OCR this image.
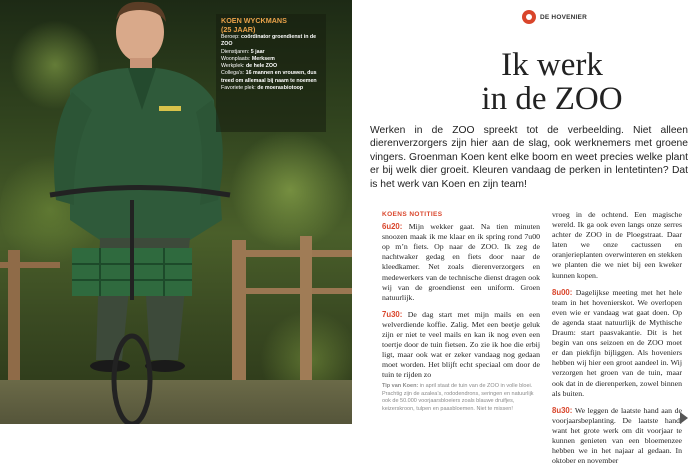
KOEN WYCKMANS
(25 JAAR)
Beroep: coördinator groendienst in de ZOO
Dienstjaren: 5 jaar
Woonplaats: Merksem
Werkplek: de hele ZOO
Collega’s: 16 mannen en vrouwen, dus treed om allemaal bij naam te noemen
Favoriete plek: de moerasbiotoop
DE HOVENIER
Ik werk
in de ZOO
Werken in de ZOO spreekt tot de verbeelding. Niet alleen dierenverzorgers zijn hier aan de slag, ook werknemers met groene vingers. Groenman Koen kent elke boom en weet precies welke plant er bij welk dier groeit. Kleuren vandaag de perken in lentetinten? Dat is het werk van Koen en zijn team!

KOENS NOTITIES

6u20: Mijn wekker gaat. Na tien minuten snoozen maak ik me klaar en ik spring rond 7u00 op m’n fiets. Op naar de ZOO. Ik zeg de nachtwaker gedag en fiets door naar de kleedkamer. Net zoals dierenverzorgers en medewerkers van de technische dienst dragen ook wij van de groendienst een uniform. Groen natuurlijk.

7u30: De dag start met mijn mails en een welverdiende koffie. Zalig. Met een beetje geluk zijn er niet te veel mails en kan ik nog even een toertje door de tuin fietsen. Zo zie ik hoe die erbij ligt, maar ook wat er zeker vandaag nog gedaan moet worden. Het blijft echt speciaal om door de tuin te rijden zo

Tip van Koen: in april staat de tuin van de ZOO in volle bloei. Prachtig zijn de azalea’s, rododendrons, seringen en natuurlijk ook de 50.000 voorjaarsbloeiers zoals blauwe druifjes, keizerskroon, tulpen en paasbloemen. Niet te missen!

vroeg in de ochtend. Een magische wereld. Ik ga ook even langs onze serres achter de ZOO in de Ploegstraat. Daar laten we onze cactussen en oranjerieplanten overwinteren en stekken we planten die we niet bij een kweker kunnen kopen.

8u00: Dagelijkse meeting met het hele team in het hovenierskot. We overlopen even wie er vandaag wat gaat doen. Op de agenda staat natuurlijk de Mythische Draum: start paasvakantie. Dit is het begin van ons seizoen en de ZOO moet er dan piekfijn bijliggen. Als hoveniers hebben wij hier een groot aandeel in. Wij verzorgen het groen van de tuin, maar ook dat in de dierenperken, zowel binnen als buiten.

8u30: We leggen de laatste hand aan de voorjaarsbeplanting. De laatste hand, want het grote werk om dit voorjaar te kunnen genieten van een bloemenzee hebben we in het najaar al gedaan. In oktober en november
